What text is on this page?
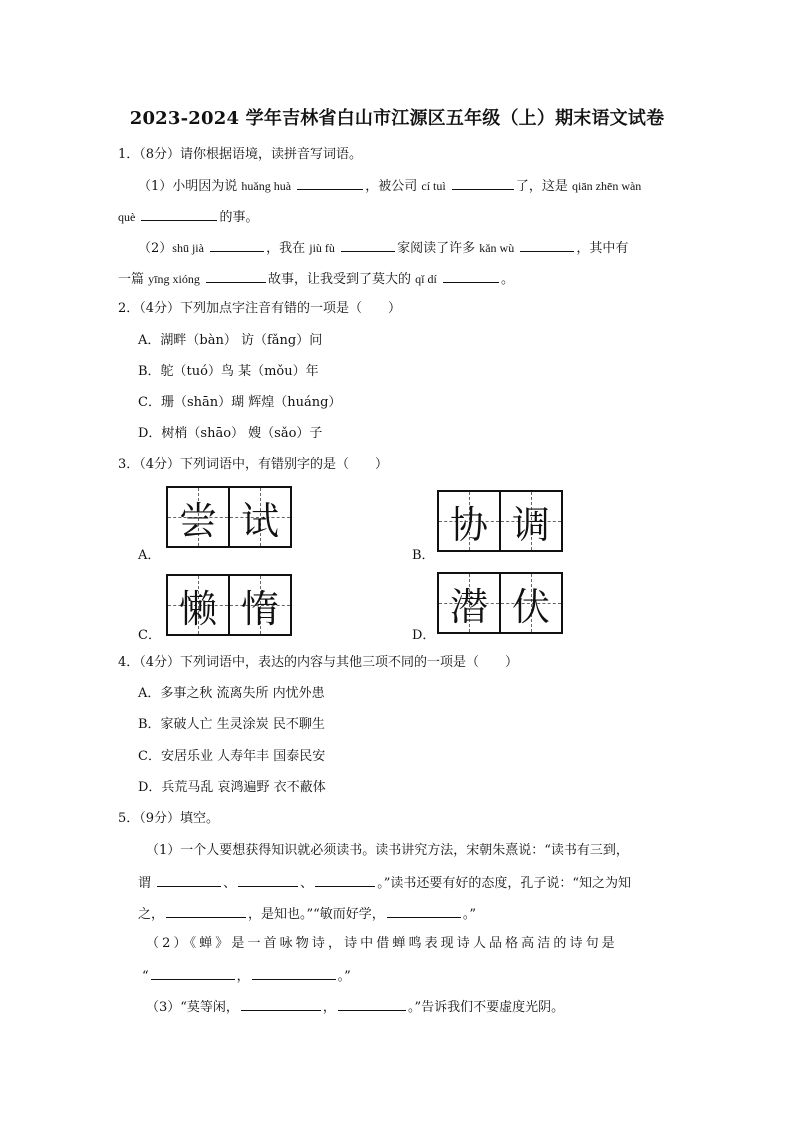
2023-2024 学年吉林省白山市江源区五年级（上）期末语文试卷
1．（8分）请你根据语境，读拼音写词语。
（1）小明因为说 huǎng huà	，被公司 cí tuì	了，这是 qiān zhēn wàn
què	的事。
（2）shū jià	，我在 jiù fù	家阅读了许多 kǎn wù	，其中有
一篇 yīng xióng	故事，让我受到了莫大的 qǐ dí	。
2．（4分）下列加点字注音有错的一项是（　　）
A．湖畔（bàn） 访（fǎng）问
B．鸵（tuó）鸟 某（mǒu）年
C．珊（shān）瑚 辉煌（huáng）
D．树梢（shāo） 嫂（sǎo）子
3．（4分）下列词语中，有错别字的是（　　）
A．
尝 试
B．
协 调
C．
懒 惰
D．
潜 伏
4．（4分）下列词语中，表达的内容与其他三项不同的一项是（　　）
A．多事之秋 流离失所 内忧外患
B．家破人亡 生灵涂炭 民不聊生
C．安居乐业 人寿年丰 国泰民安
D．兵荒马乱 哀鸿遍野 衣不蔽体
5．（9分）填空。
（1）一个人要想获得知识就必须读书。读书讲究方法，宋朝朱熹说：“读书有三到，
谓	、	、	。”读书还要有好的态度，孔子说：“知之为知
之，	，是知也。”“敏而好学，	。”
（2）《蝉》是一首咏物诗，诗中借蝉鸣表现诗人品格高洁的诗句是
“	，	。”
（3）“莫等闲，	，	。”告诉我们不要虚度光阴。
